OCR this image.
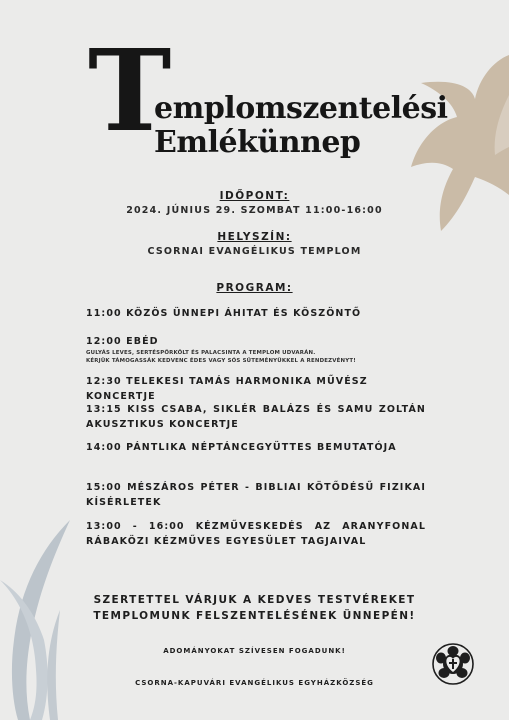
T
emplomszentelési
Emlékünnep
IDŐPONT:
2024. JÚNIUS 29. SZOMBAT 11:00-16:00
HELYSZÍN:
CSORNAI EVANGÉLIKUS TEMPLOM
PROGRAM:
11:00 KÖZÖS ÜNNEPI ÁHITAT ÉS KÖSZÖNTŐ
12:00 EBÉD
GULYÁS LEVES, SERTÉSPÖRKÖLT ÉS PALACSINTA A TEMPLOM UDVARÁN.
KÉRJÜK TÁMOGASSÁK KEDVENC ÉDES VAGY SÓS SÜTEMÉNYÜKKEL A RENDEZVÉNYT!
12:30 TELEKESI TAMÁS HARMONIKA MŰVÉSZ KONCERTJE
13:15 KISS CSABA, SIKLÉR BALÁZS ÉS SAMU ZOLTÁN AKUSZTIKUS KONCERTJE
14:00 PÁNTLIKA NÉPTÁNCEGYÜTTES BEMUTATÓJA
15:00 MÉSZÁROS PÉTER - BIBLIAI KÖTŐDÉSŰ FIZIKAI KÍSÉRLETEK
13:00 - 16:00 KÉZMŰVESKEDÉS AZ ARANYFONAL RÁBAKÖZI KÉZMŰVES EGYESÜLET TAGJAIVAL
SZERTETTEL VÁRJUK A KEDVES TESTVÉREKET
TEMPLOMUNK FELSZENTELÉSÉNEK ÜNNEPÉN!
ADOMÁNYOKAT SZÍVESEN FOGADUNK!
CSORNA-KAPUVÁRI EVANGÉLIKUS EGYHÁZKÖZSÉG
